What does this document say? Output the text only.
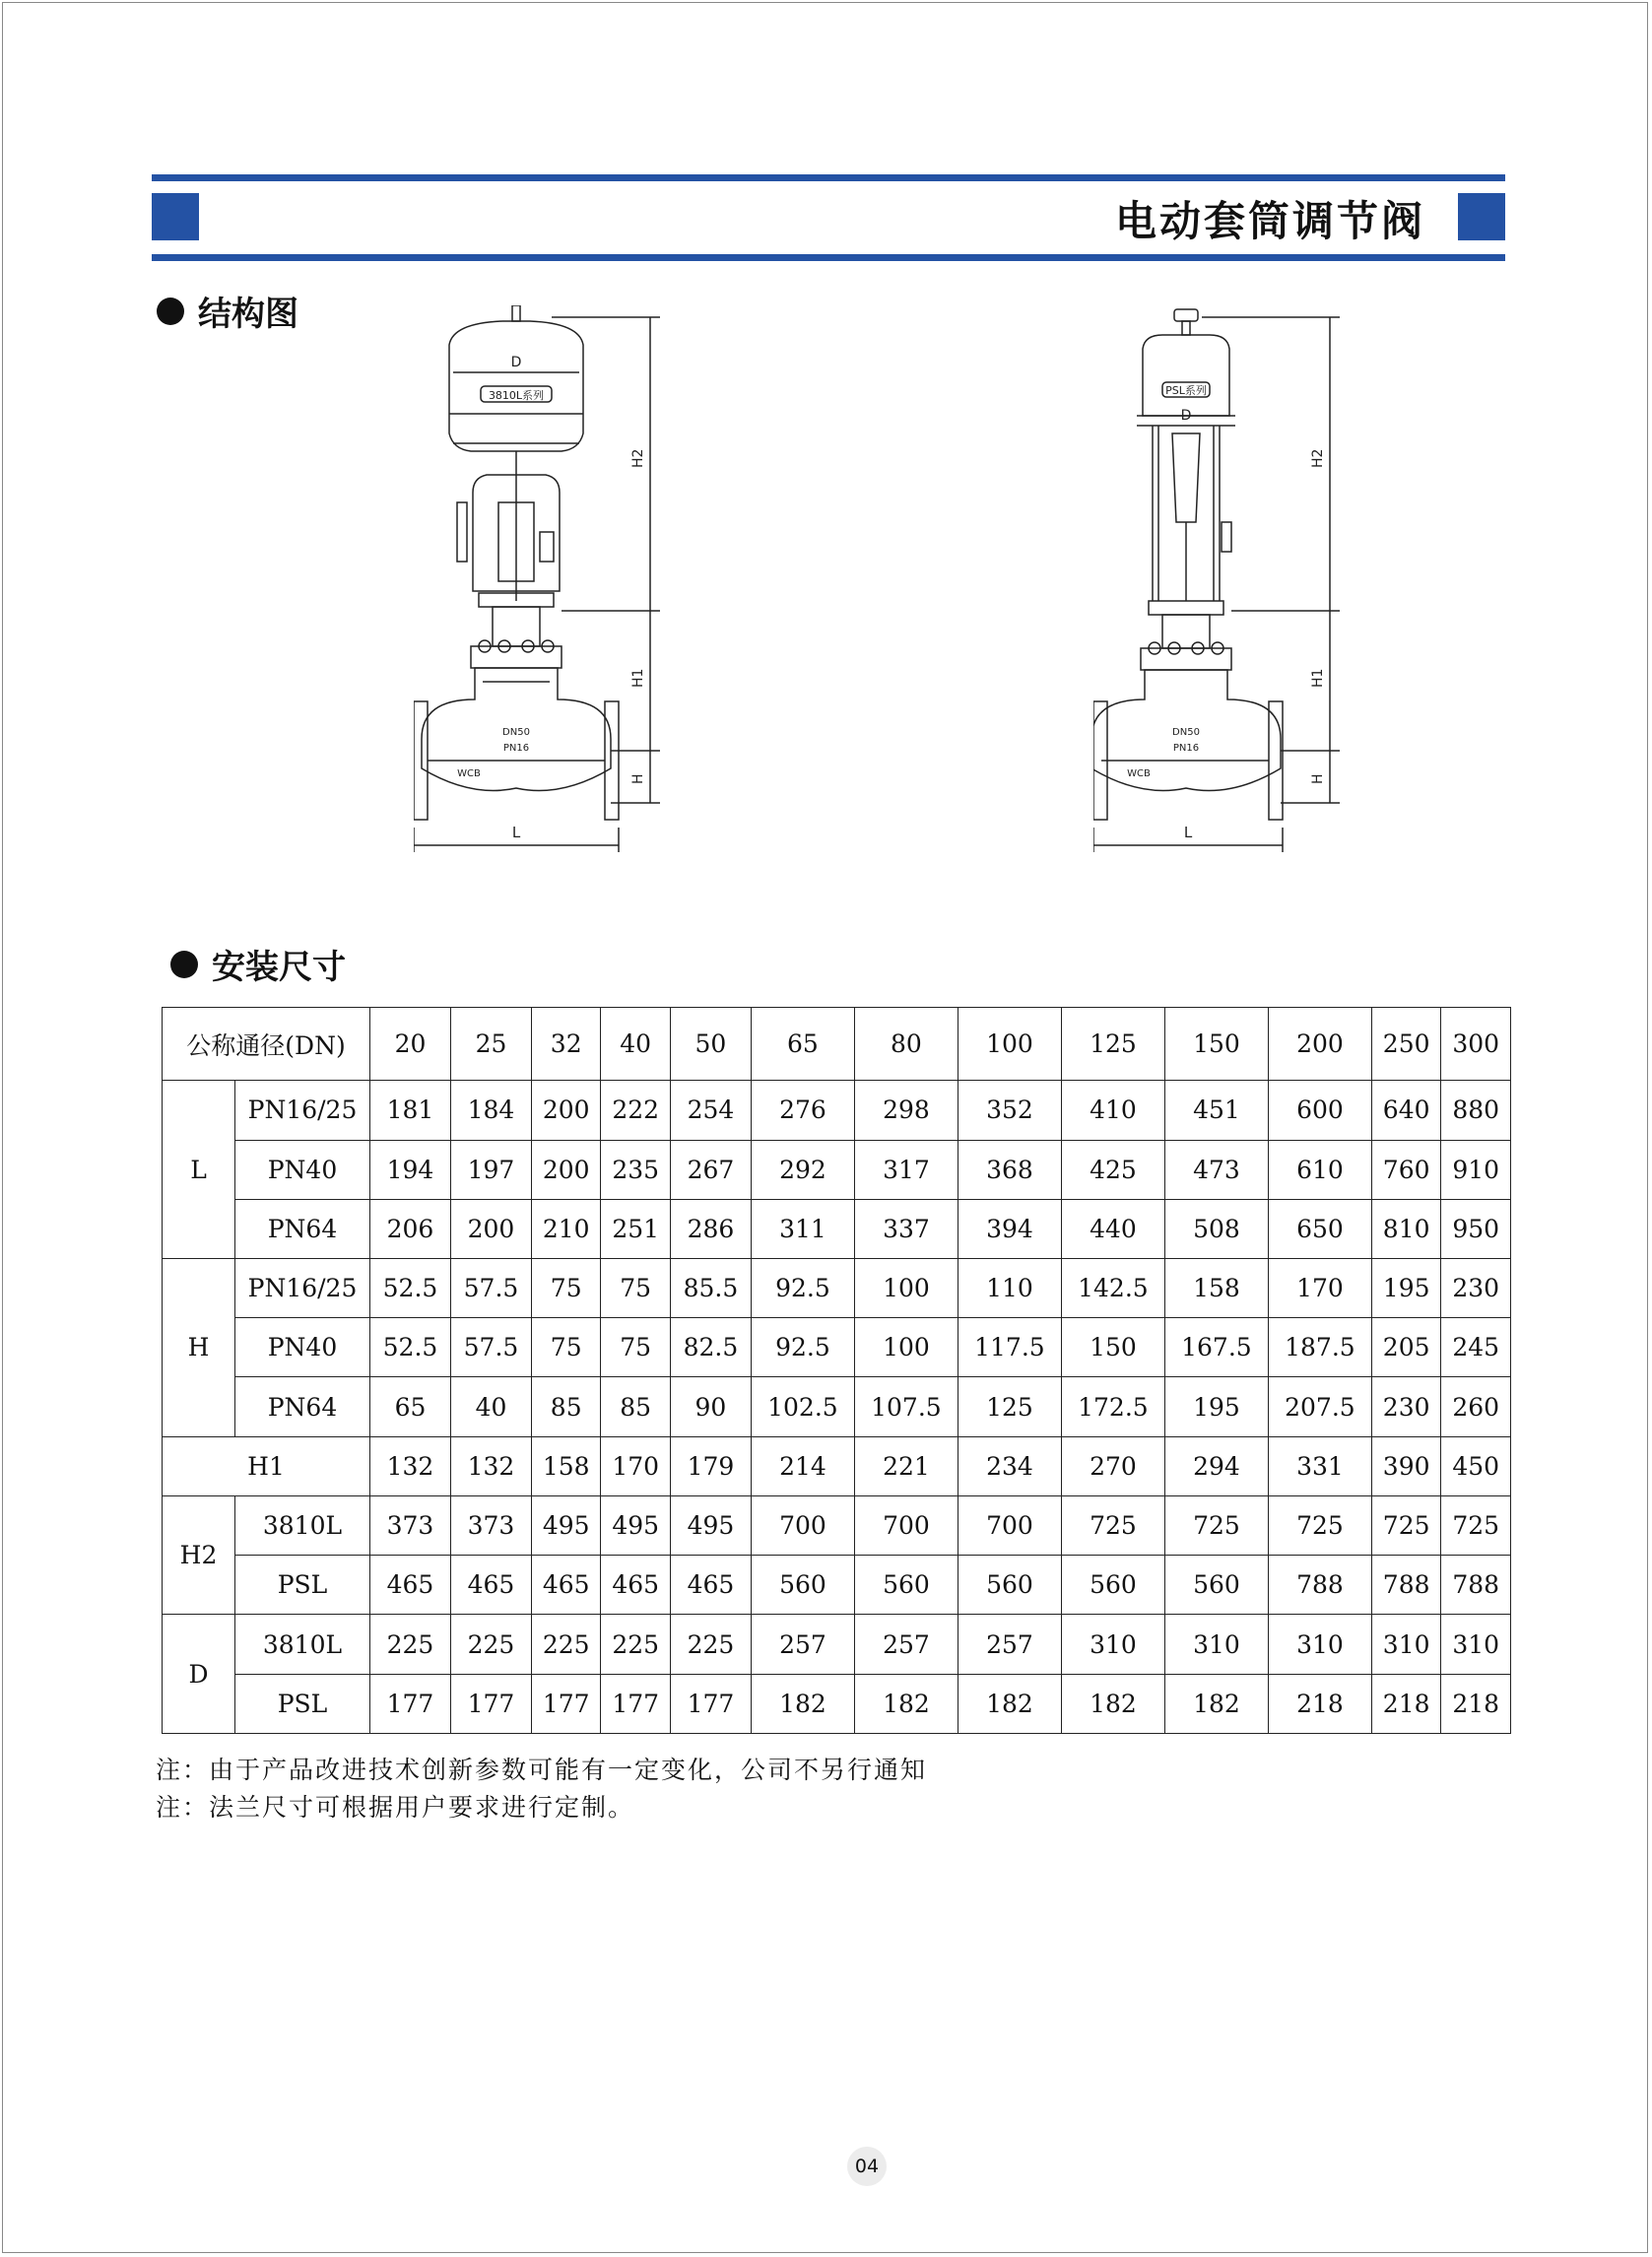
电动套筒调节阀
结构图
3810L系列
D
DN50
PN16
WCB
L
H2
H1
H
PSL系列
D
DN50
PN16
WCB
L
H2
H1
H
安装尺寸
公称通径(DN)		20	25	32	40	50	65	80	100	125	150	200	250	300
L	PN16/25	181	184	200	222	254	276	298	352	410	451	600	640	880
	PN40	194	197	200	235	267	292	317	368	425	473	610	760	910
	PN64	206	200	210	251	286	311	337	394	440	508	650	810	950
H	PN16/25	52.5	57.5	75	75	85.5	92.5	100	110	142.5	158	170	195	230
	PN40	52.5	57.5	75	75	82.5	92.5	100	117.5	150	167.5	187.5	205	245
	PN64	65	40	85	85	90	102.5	107.5	125	172.5	195	207.5	230	260
H1		132	132	158	170	179	214	221	234	270	294	331	390	450
H2	3810L	373	373	495	495	495	700	700	700	725	725	725	725	725
	PSL	465	465	465	465	465	560	560	560	560	560	788	788	788
D	3810L	225	225	225	225	225	257	257	257	310	310	310	310	310
	PSL	177	177	177	177	177	182	182	182	182	182	218	218	218
注：由于产品改进技术创新参数可能有一定变化，公司不另行通知
注：法兰尺寸可根据用户要求进行定制。
04
